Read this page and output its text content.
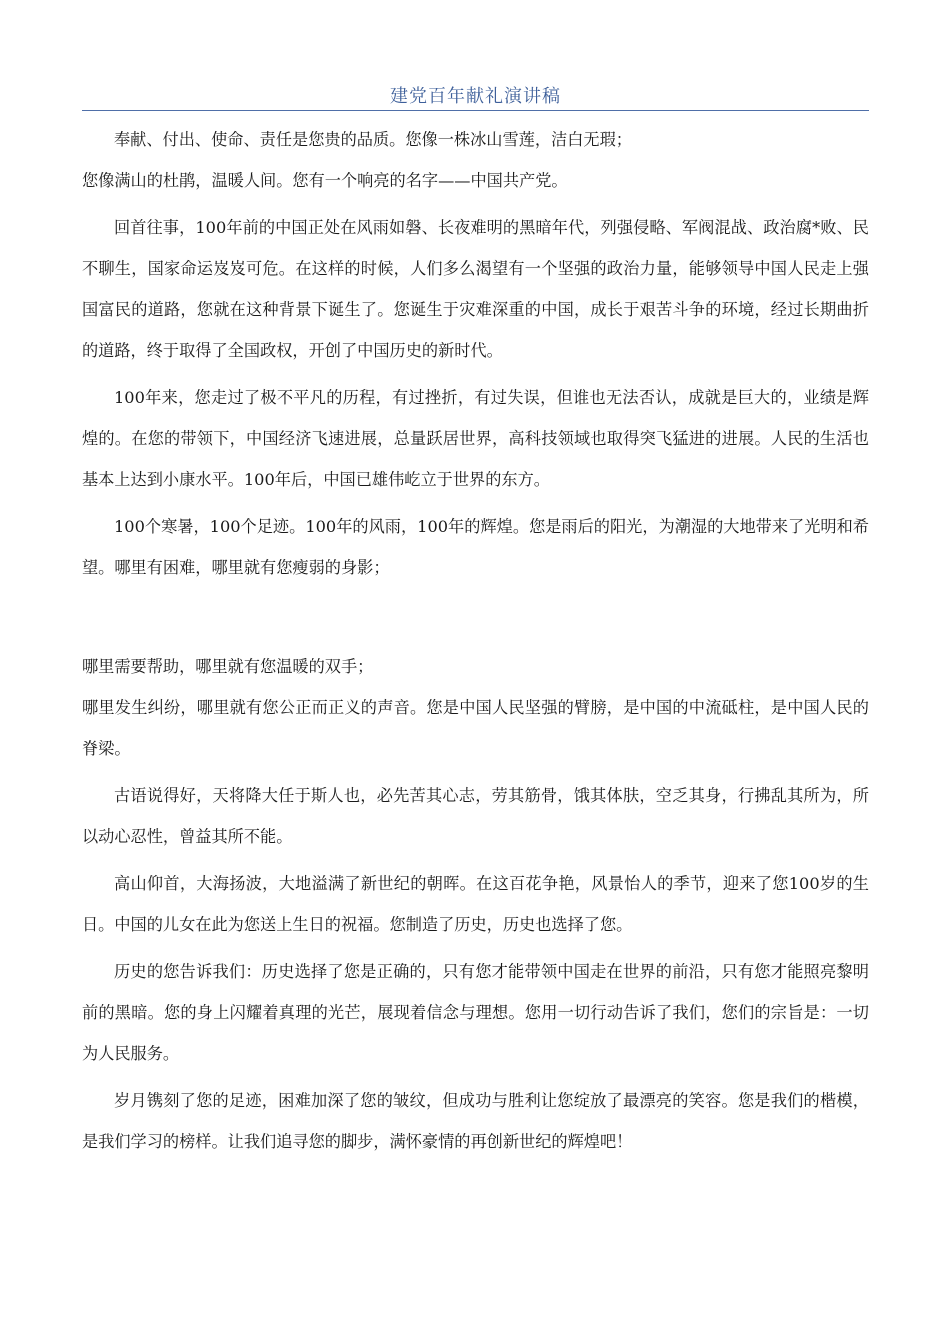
建党百年献礼演讲稿

奉献、付出、使命、责任是您贵的品质。您像一株冰山雪莲，洁白无瑕；

您像满山的杜鹃，温暖人间。您有一个响亮的名字——中国共产党。

回首往事，100年前的中国正处在风雨如磐、长夜难明的黑暗年代，列强侵略、军阀混战、政治腐*败、民不聊生，国家命运岌岌可危。在这样的时候，人们多么渴望有一个坚强的政治力量，能够领导中国人民走上强国富民的道路，您就在这种背景下诞生了。您诞生于灾难深重的中国，成长于艰苦斗争的环境，经过长期曲折的道路，终于取得了全国政权，开创了中国历史的新时代。

100年来，您走过了极不平凡的历程，有过挫折，有过失误，但谁也无法否认，成就是巨大的，业绩是辉煌的。在您的带领下，中国经济飞速进展，总量跃居世界，高科技领域也取得突飞猛进的进展。人民的生活也基本上达到小康水平。100年后，中国已雄伟屹立于世界的东方。

100个寒暑，100个足迹。100年的风雨，100年的辉煌。您是雨后的阳光，为潮湿的大地带来了光明和希望。哪里有困难，哪里就有您瘦弱的身影；

哪里需要帮助，哪里就有您温暖的双手；

哪里发生纠纷，哪里就有您公正而正义的声音。您是中国人民坚强的臂膀，是中国的中流砥柱，是中国人民的脊梁。

古语说得好，天将降大任于斯人也，必先苦其心志，劳其筋骨，饿其体肤，空乏其身，行拂乱其所为，所以动心忍性，曾益其所不能。

高山仰首，大海扬波，大地溢满了新世纪的朝晖。在这百花争艳，风景怡人的季节，迎来了您100岁的生日。中国的儿女在此为您送上生日的祝福。您制造了历史，历史也选择了您。

历史的您告诉我们：历史选择了您是正确的，只有您才能带领中国走在世界的前沿，只有您才能照亮黎明前的黑暗。您的身上闪耀着真理的光芒，展现着信念与理想。您用一切行动告诉了我们，您们的宗旨是：一切为人民服务。

岁月镌刻了您的足迹，困难加深了您的皱纹，但成功与胜利让您绽放了最漂亮的笑容。您是我们的楷模，是我们学习的榜样。让我们追寻您的脚步，满怀豪情的再创新世纪的辉煌吧！
